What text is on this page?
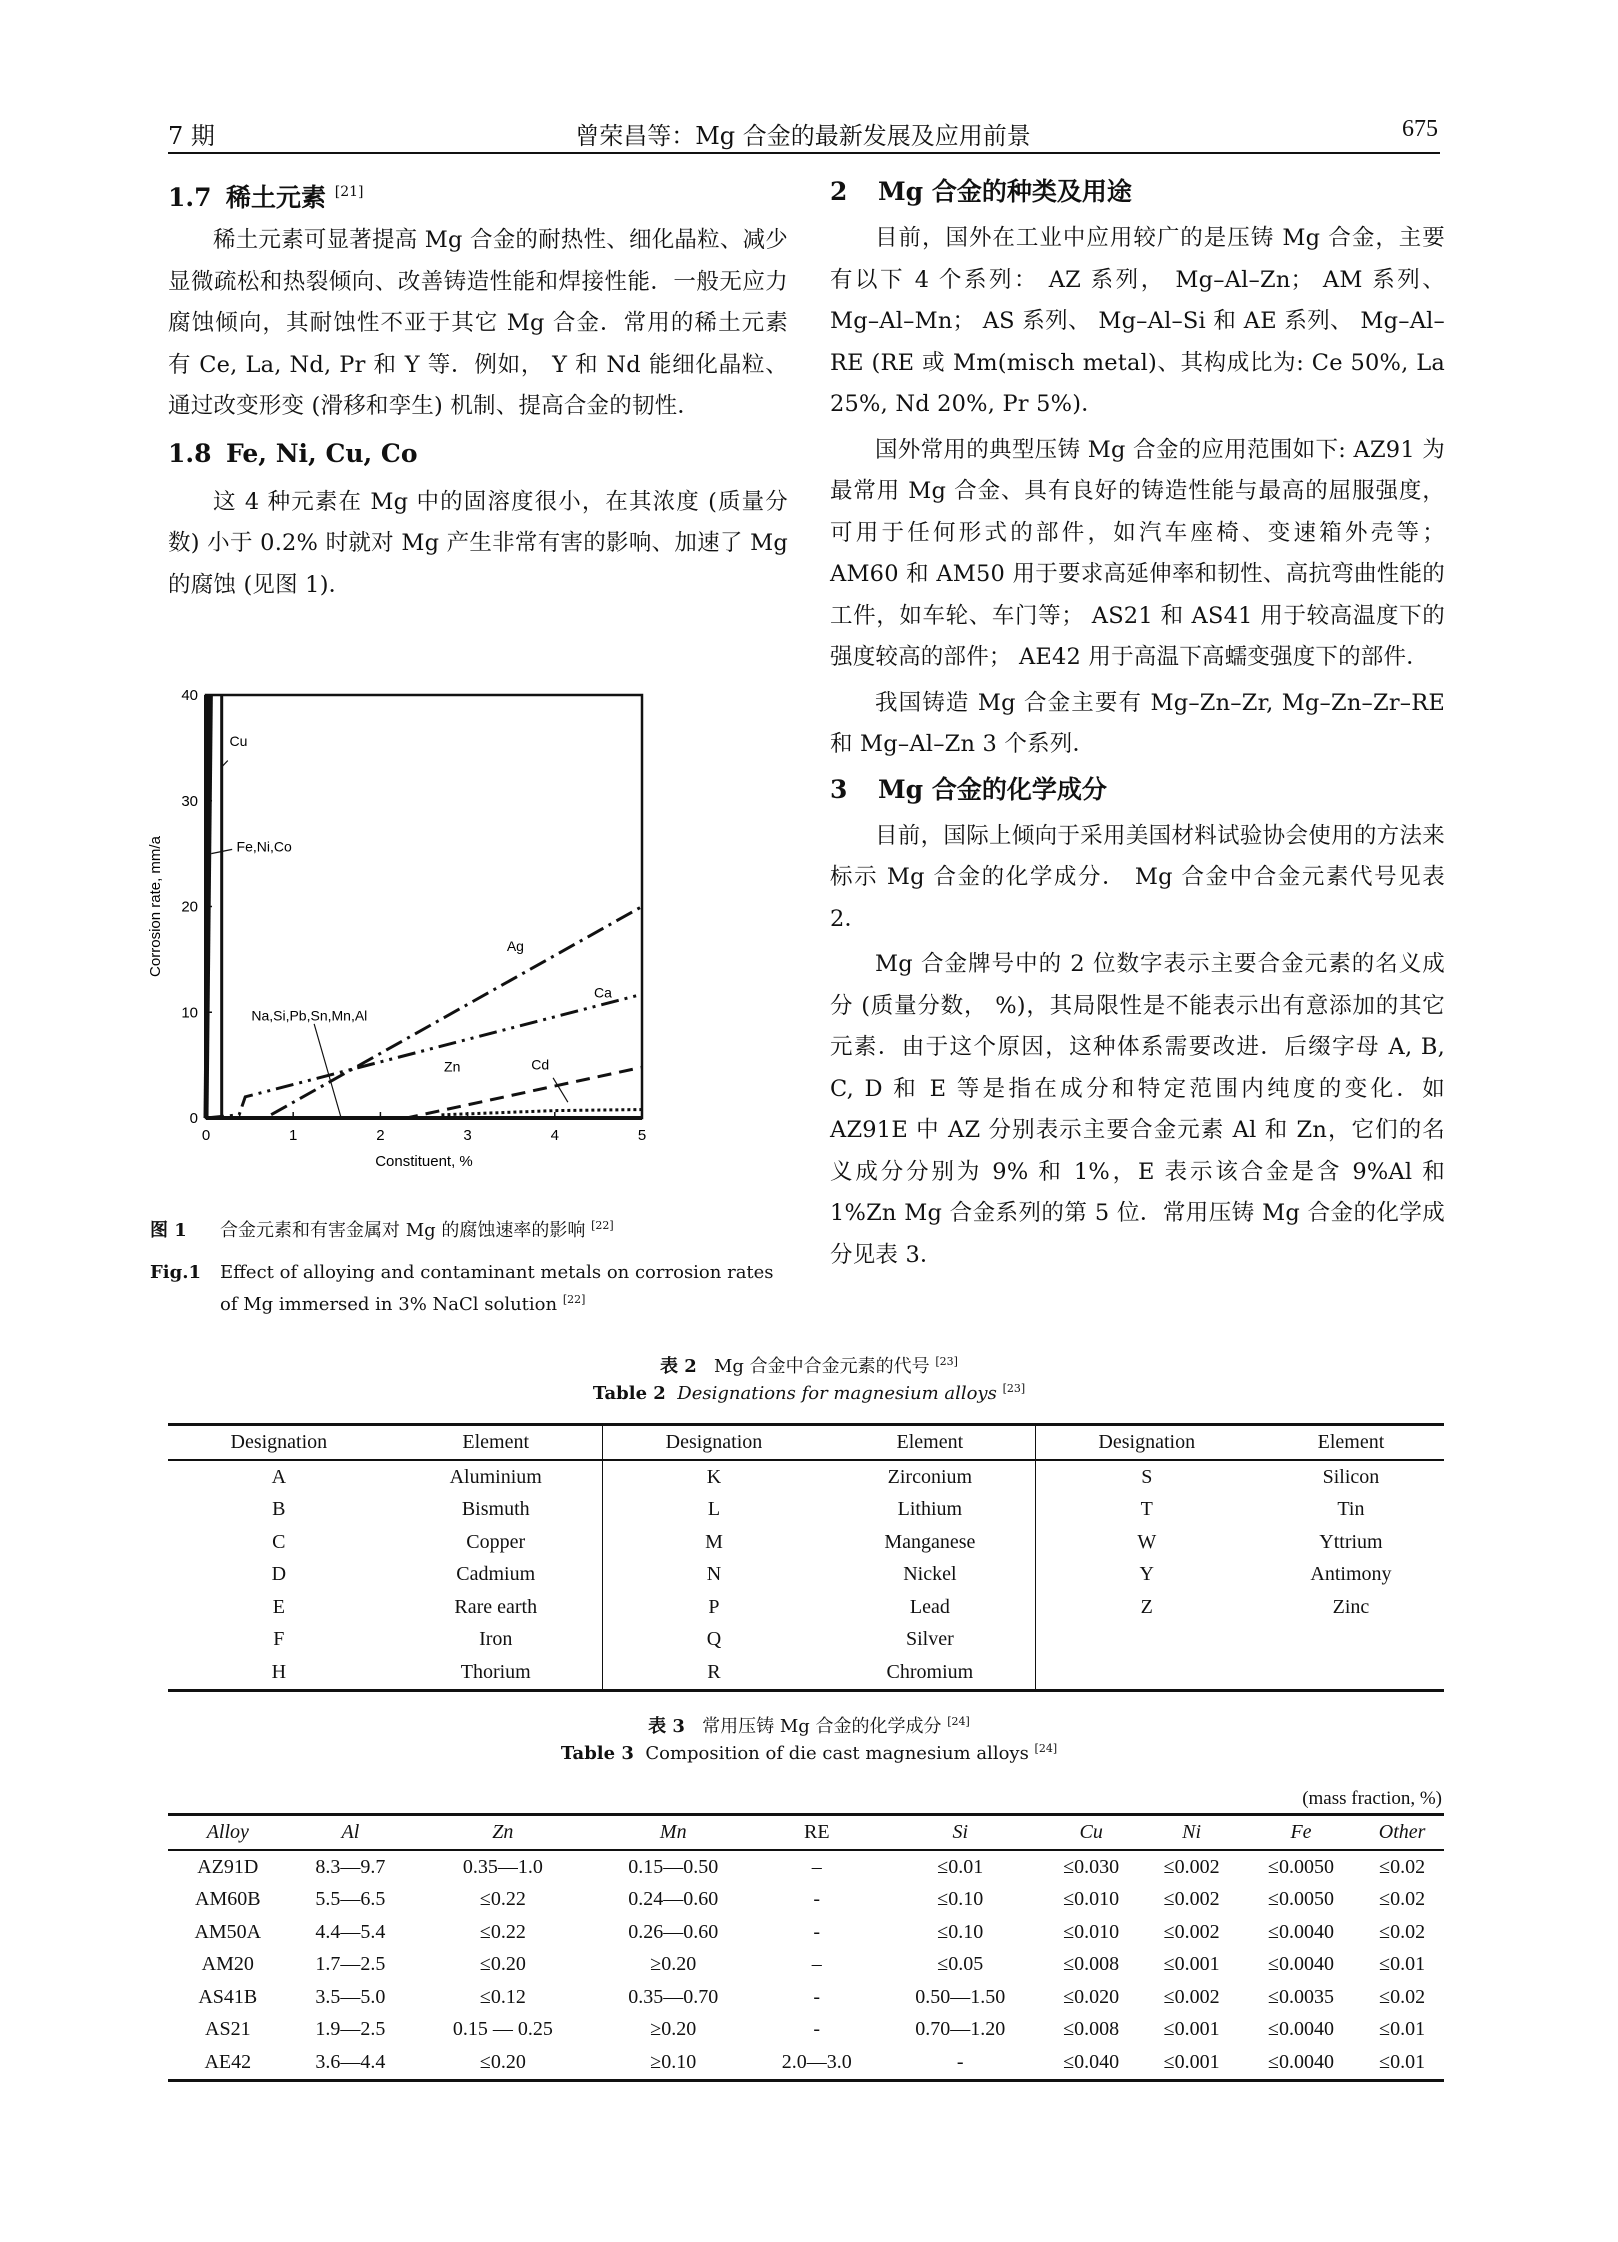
7 期	曾荣昌等：Mg 合金的最新发展及应用前景	675
1.7 稀土元素 [21]

稀土元素可显著提高 Mg 合金的耐热性、细化晶粒、减少显微疏松和热裂倾向、改善铸造性能和焊接性能．一般无应力腐蚀倾向，其耐蚀性不亚于其它 Mg 合金．常用的稀土元素有 Ce, La, Nd, Pr 和 Y 等．例如， Y 和 Nd 能细化晶粒、通过改变形变 (滑移和孪生) 机制、提高合金的韧性．

1.8 Fe, Ni, Cu, Co

这 4 种元素在 Mg 中的固溶度很小，在其浓度 (质量分数) 小于 0.2% 时就对 Mg 产生非常有害的影响、加速了 Mg 的腐蚀 (见图 1)．

2 Mg 合金的种类及用途

目前，国外在工业中应用较广的是压铸 Mg 合金，主要有以下 4 个系列： AZ 系列， Mg–Al–Zn； AM 系列、 Mg–Al–Mn； AS 系列、 Mg–Al–Si 和 AE 系列、 Mg–Al–RE (RE 或 Mm(misch metal)、其构成比为: Ce 50%, La 25%, Nd 20%, Pr 5%)．

国外常用的典型压铸 Mg 合金的应用范围如下: AZ91 为最常用 Mg 合金、具有良好的铸造性能与最高的屈服强度，可用于任何形式的部件，如汽车座椅、变速箱外壳等； AM60 和 AM50 用于要求高延伸率和韧性、高抗弯曲性能的工件，如车轮、车门等； AS21 和 AS41 用于较高温度下的强度较高的部件； AE42 用于高温下高蠕变强度下的部件．

我国铸造 Mg 合金主要有 Mg–Zn–Zr, Mg–Zn–Zr–RE 和 Mg–Al–Zn 3 个系列．

3 Mg 合金的化学成分

目前，国际上倾向于采用美国材料试验协会使用的方法来标示 Mg 合金的化学成分． Mg 合金中合金元素代号见表 2．

Mg 合金牌号中的 2 位数字表示主要合金元素的名义成分 (质量分数， %)，其局限性是不能表示出有意添加的其它元素．由于这个原因，这种体系需要改进．后缀字母 A, B, C, D 和 E 等是指在成分和特定范围内纯度的变化．如 AZ91E 中 AZ 分别表示主要合金元素 Al 和 Zn，它们的名义成分分别为 9% 和 1%，E 表示该合金是含 9%Al 和 1%Zn Mg 合金系列的第 5 位．常用压铸 Mg 合金的化学成分见表 3．

0	1	2	3	4	5
0
10
20
30
40
Cu
Fe,Ni,Co
Ag
Ca
Na,Si,Pb,Sn,Mn,Al
Zn	Cd
Constituent, %
Corrosion rate, mm/a
图 1 合金元素和有害金属对 Mg 的腐蚀速率的影响 [22]
Fig.1	Effect of alloying and contaminant metals on corrosion rates of Mg immersed in 3% NaCl solution [22]
表 2 Mg 合金中合金元素的代号 [23]
Table 2 Designations for magnesium alloys [23]
Designation	Element	Designation	Element	Designation	Element
A	Aluminium	K	Zirconium	S	Silicon
B	Bismuth	L	Lithium	T	Tin
C	Copper	M	Manganese	W	Yttrium
D	Cadmium	N	Nickel	Y	Antimony
E	Rare earth	P	Lead	Z	Zinc
F	Iron	Q	Silver		
H	Thorium	R	Chromium		
表 3 常用压铸 Mg 合金的化学成分 [24]
Table 3 Composition of die cast magnesium alloys [24]
(mass fraction, %)
Alloy	Al	Zn	Mn	RE	Si	Cu	Ni	Fe	Other
AZ91D	8.3—9.7	0.35—1.0	0.15—0.50	–	≤0.01	≤0.030	≤0.002	≤0.0050	≤0.02
AM60B	5.5—6.5	≤0.22	0.24—0.60	-	≤0.10	≤0.010	≤0.002	≤0.0050	≤0.02
AM50A	4.4—5.4	≤0.22	0.26—0.60	-	≤0.10	≤0.010	≤0.002	≤0.0040	≤0.02
AM20	1.7—2.5	≤0.20	≥0.20	–	≤0.05	≤0.008	≤0.001	≤0.0040	≤0.01
AS41B	3.5—5.0	≤0.12	0.35—0.70	-	0.50—1.50	≤0.020	≤0.002	≤0.0035	≤0.02
AS21	1.9—2.5	0.15 — 0.25	≥0.20	-	0.70—1.20	≤0.008	≤0.001	≤0.0040	≤0.01
AE42	3.6—4.4	≤0.20	≥0.10	2.0—3.0	-	≤0.040	≤0.001	≤0.0040	≤0.01
